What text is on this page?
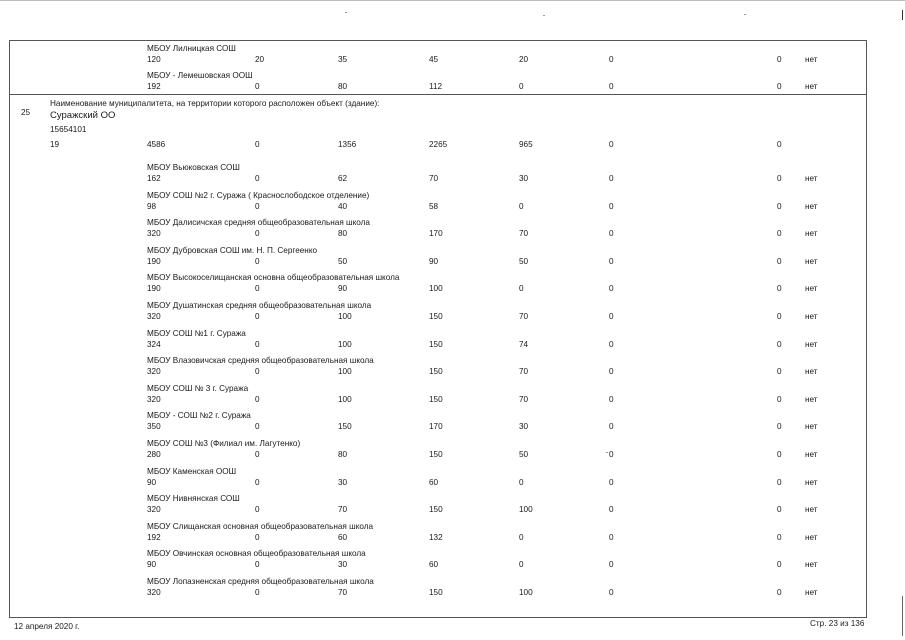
МБОУ Лилницкая СОШ
120	20	35	45	20	0	0	нет
МБОУ - Лемешовская ООШ
192	0	80	112	0	0	0	нет
25
Наименование муниципалитета, на территории которого расположен объект (здание):
Суражский ОО
15654101
19	4586	0	1356	2265	965	0	0
МБОУ Вьюковская СОШ
162	0	62	70	30	0	0	нет
МБОУ СОШ №2 г. Суража ( Краснослободское отделение)
98	0	40	58	0	0	0	нет
МБОУ Далисичская средняя общеобразовательная школа
320	0	80	170	70	0	0	нет
МБОУ Дубровская СОШ им. Н. П. Сергеенко
190	0	50	90	50	0	0	нет
МБОУ Высокоселищанская основна общеобразовательная школа
190	0	90	100	0	0	0	нет
МБОУ Душатинская средняя общеобразовательная школа
320	0	100	150	70	0	0	нет
МБОУ СОШ №1 г. Суража
324	0	100	150	74	0	0	нет
МБОУ Влазовичская средняя общеобразовательная школа
320	0	100	150	70	0	0	нет
МБОУ СОШ № 3 г. Суража
320	0	100	150	70	0	0	нет
МБОУ - СОШ №2 г. Суража
350	0	150	170	30	0	0	нет
МБОУ СОШ №3 (Филиал им. Лагутенко)
280	0	80	150	50	0	0	нет
МБОУ Каменская ООШ
90	0	30	60	0	0	0	нет
МБОУ Нивнянская СОШ
320	0	70	150	100	0	0	нет
МБОУ Слищанская основная общеобразовательная школа
192	0	60	132	0	0	0	нет
МБОУ Овчинская основная общеобразовательная школа
90	0	30	60	0	0	0	нет
МБОУ Лопазненская средняя общеобразовательная школа
320	0	70	150	100	0	0	нет
12 апреля 2020 г.	Стр. 23 из 136
